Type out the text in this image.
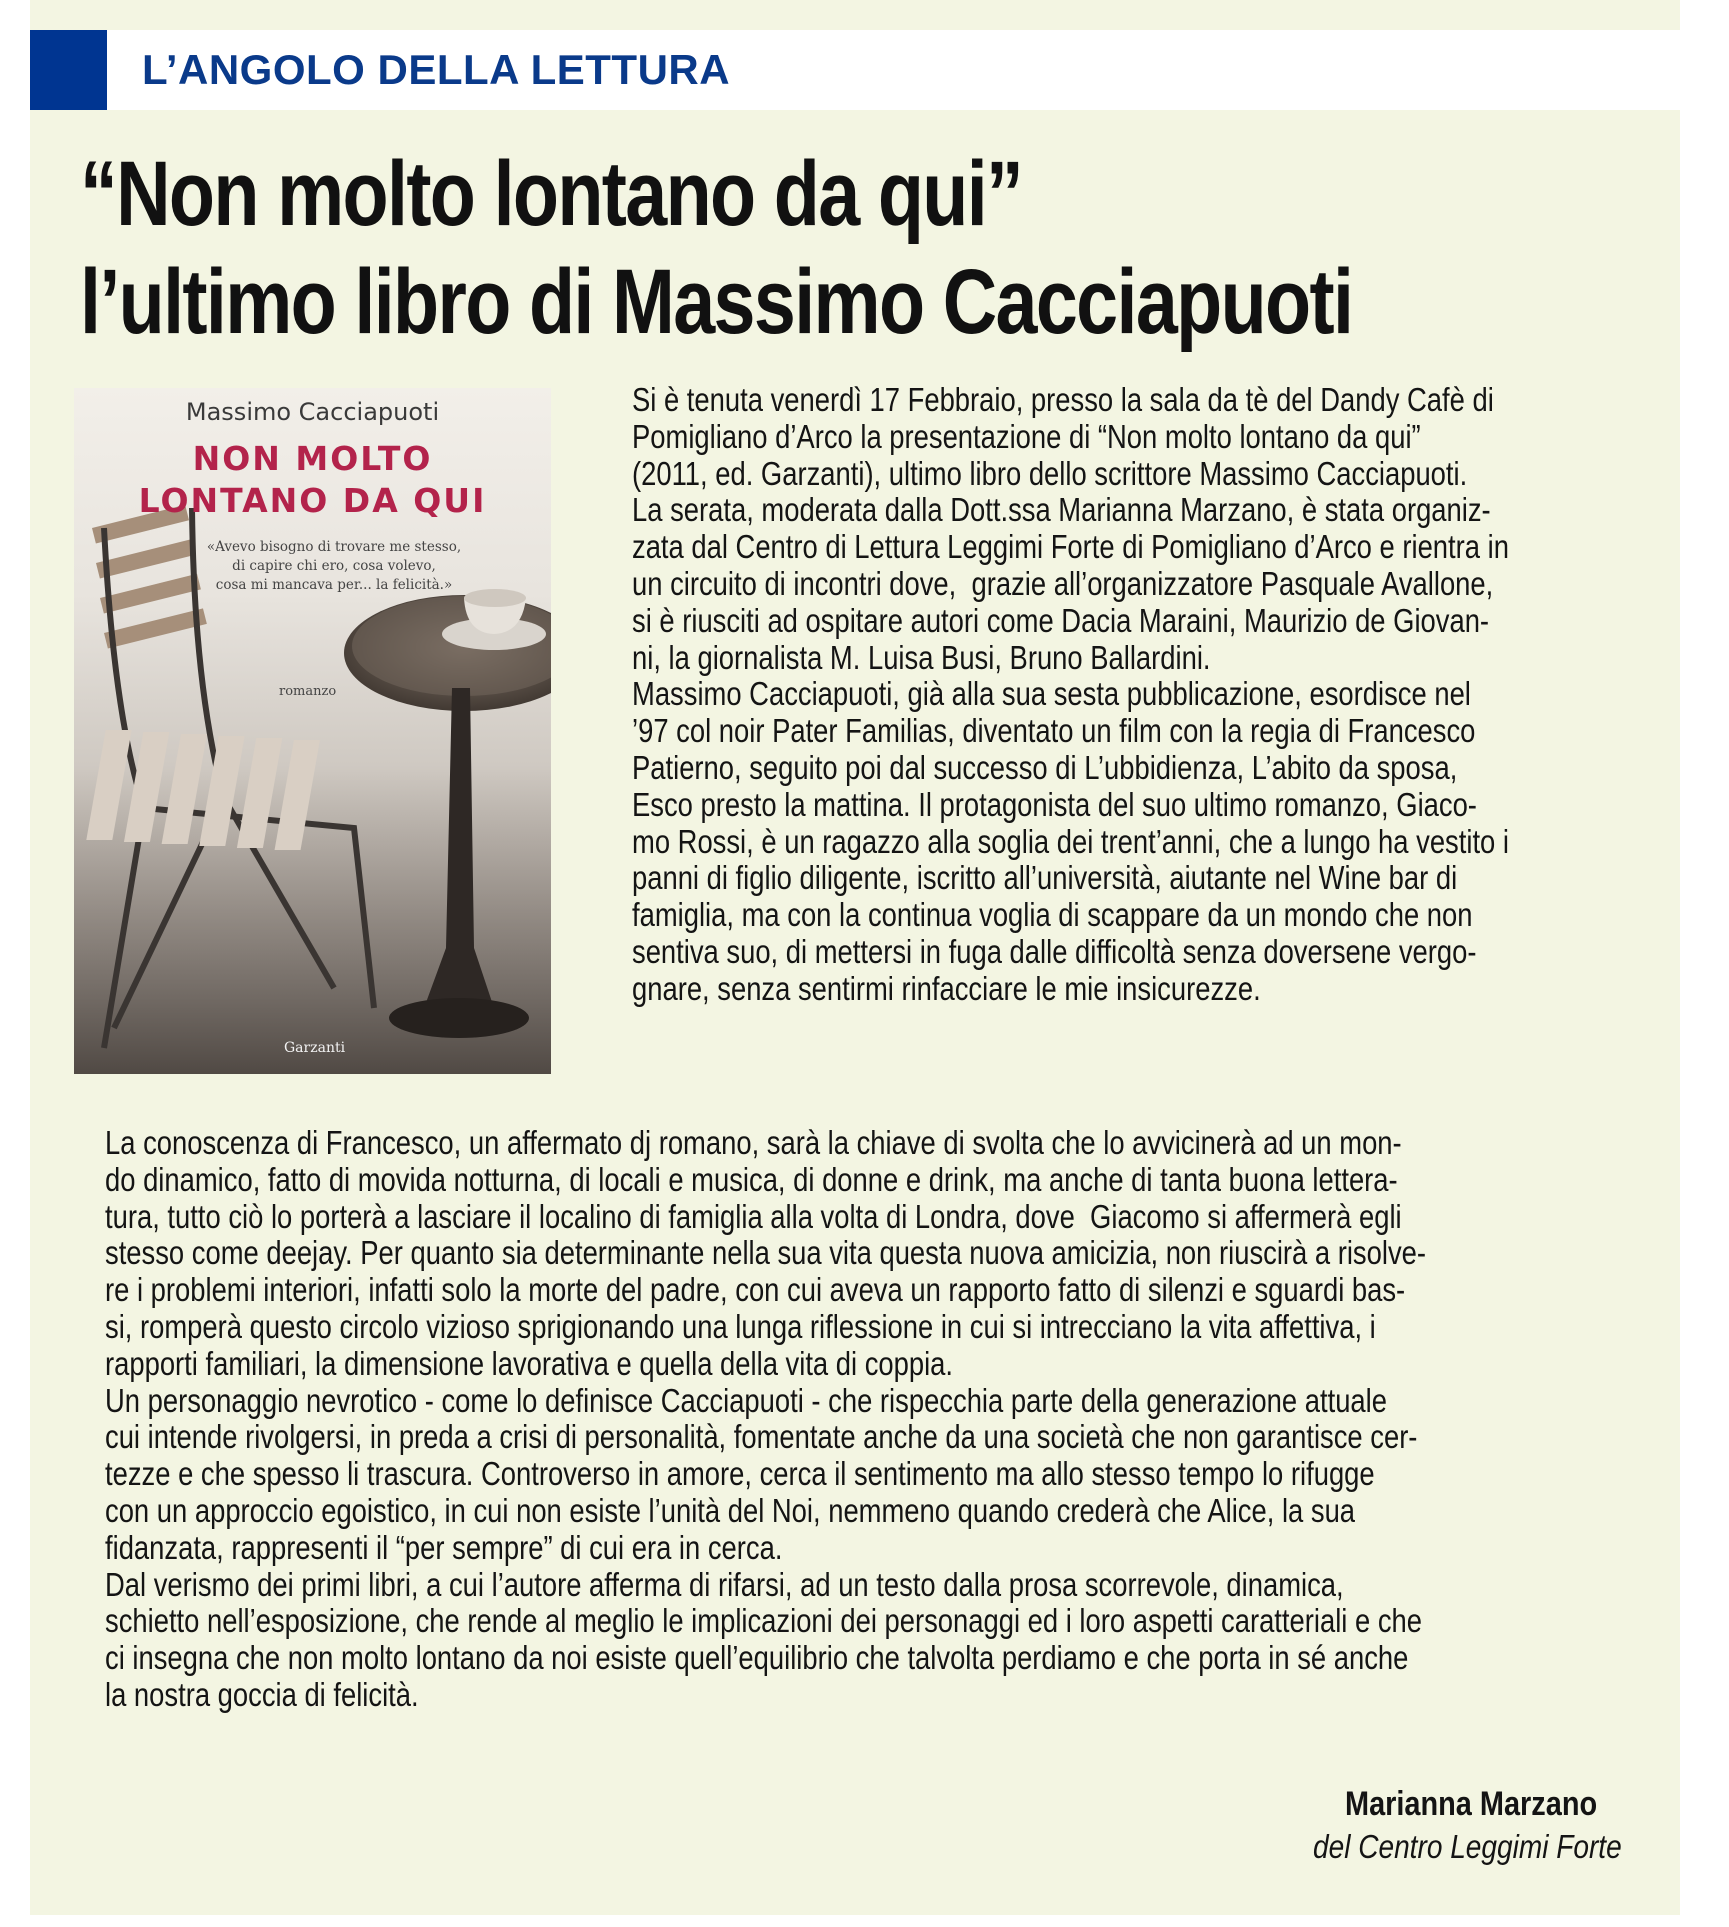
L’ANGOLO DELLA LETTURA
“Non molto lontano da qui”
l’ultimo libro di Massimo Cacciapuoti
Massimo Cacciapuoti
NON MOLTO
LONTANO DA QUI
«Avevo bisogno di trovare me stesso,
di capire chi ero, cosa volevo,
cosa mi mancava per... la felicità.»
romanzo
Garzanti
Si è tenuta venerdì 17 Febbraio, presso la sala da tè del Dandy Cafè di
Pomigliano d’Arco la presentazione di “Non molto lontano da qui”
(2011, ed. Garzanti), ultimo libro dello scrittore Massimo Cacciapuoti.
La serata, moderata dalla Dott.ssa Marianna Marzano, è stata organiz-
zata dal Centro di Lettura Leggimi Forte di Pomigliano d’Arco e rientra in
un circuito di incontri dove,  grazie all’organizzatore Pasquale Avallone,
si è riusciti ad ospitare autori come Dacia Maraini, Maurizio de Giovan-
ni, la giornalista M. Luisa Busi, Bruno Ballardini.
Massimo Cacciapuoti, già alla sua sesta pubblicazione, esordisce nel
’97 col noir Pater Familias, diventato un film con la regia di Francesco
Patierno, seguito poi dal successo di L’ubbidienza, L’abito da sposa,
Esco presto la mattina. Il protagonista del suo ultimo romanzo, Giaco-
mo Rossi, è un ragazzo alla soglia dei trent’anni, che a lungo ha vestito i
panni di figlio diligente, iscritto all’università, aiutante nel Wine bar di
famiglia, ma con la continua voglia di scappare da un mondo che non
sentiva suo, di mettersi in fuga dalle difficoltà senza doversene vergo-
gnare, senza sentirmi rinfacciare le mie insicurezze.
La conoscenza di Francesco, un affermato dj romano, sarà la chiave di svolta che lo avvicinerà ad un mon-
do dinamico, fatto di movida notturna, di locali e musica, di donne e drink, ma anche di tanta buona lettera-
tura, tutto ciò lo porterà a lasciare il localino di famiglia alla volta di Londra, dove  Giacomo si affermerà egli
stesso come deejay. Per quanto sia determinante nella sua vita questa nuova amicizia, non riuscirà a risolve-
re i problemi interiori, infatti solo la morte del padre, con cui aveva un rapporto fatto di silenzi e sguardi bas-
si, romperà questo circolo vizioso sprigionando una lunga riflessione in cui si intrecciano la vita affettiva, i
rapporti familiari, la dimensione lavorativa e quella della vita di coppia.
Un personaggio nevrotico - come lo definisce Cacciapuoti - che rispecchia parte della generazione attuale
cui intende rivolgersi, in preda a crisi di personalità, fomentate anche da una società che non garantisce cer-
tezze e che spesso li trascura. Controverso in amore, cerca il sentimento ma allo stesso tempo lo rifugge
con un approccio egoistico, in cui non esiste l’unità del Noi, nemmeno quando crederà che Alice, la sua
fidanzata, rappresenti il “per sempre” di cui era in cerca.
Dal verismo dei primi libri, a cui l’autore afferma di rifarsi, ad un testo dalla prosa scorrevole, dinamica,
schietto nell’esposizione, che rende al meglio le implicazioni dei personaggi ed i loro aspetti caratteriali e che
ci insegna che non molto lontano da noi esiste quell’equilibrio che talvolta perdiamo e che porta in sé anche
la nostra goccia di felicità.
Marianna Marzano
del Centro Leggimi Forte
